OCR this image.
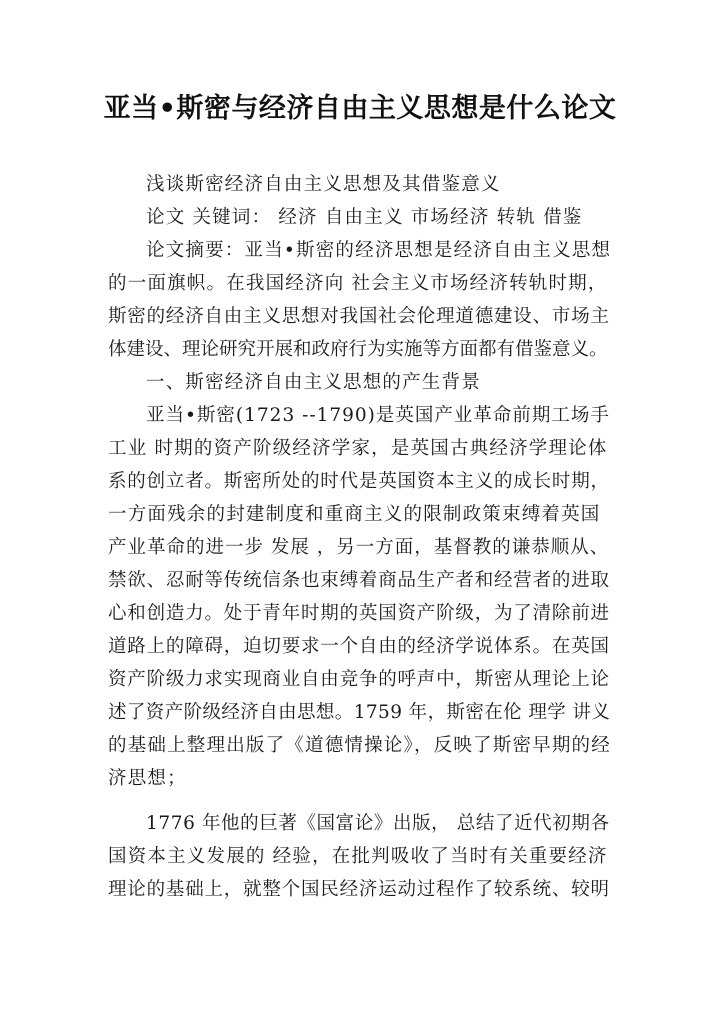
亚当•斯密与经济自由主义思想是什么论文
浅谈斯密经济自由主义思想及其借鉴意义
论文 关键词： 经济 自由主义 市场经济 转轨 借鉴
论文摘要：亚当•斯密的经济思想是经济自由主义思想
的一面旗帜。在我国经济向 社会主义市场经济转轨时期，
斯密的经济自由主义思想对我国社会伦理道德建设、市场主
体建设、理论研究开展和政府行为实施等方面都有借鉴意义。
一、斯密经济自由主义思想的产生背景
亚当•斯密(1723 --1790)是英国产业革命前期工场手
工业 时期的资产阶级经济学家，是英国古典经济学理论体
系的创立者。斯密所处的时代是英国资本主义的成长时期，
一方面残余的封建制度和重商主义的限制政策束缚着英国
产业革命的进一步 发展 ，另一方面，基督教的谦恭顺从、
禁欲、忍耐等传统信条也束缚着商品生产者和经营者的进取
心和创造力。处于青年时期的英国资产阶级，为了清除前进
道路上的障碍，迫切要求一个自由的经济学说体系。在英国
资产阶级力求实现商业自由竞争的呼声中，斯密从理论上论
述了资产阶级经济自由思想。1759 年，斯密在伦 理学 讲义
的基础上整理出版了《道德情操论》，反映了斯密早期的经
济思想；
1776 年他的巨著《国富论》出版， 总结了近代初期各
国资本主义发展的 经验，在批判吸收了当时有关重要经济
理论的基础上，就整个国民经济运动过程作了较系统、较明
